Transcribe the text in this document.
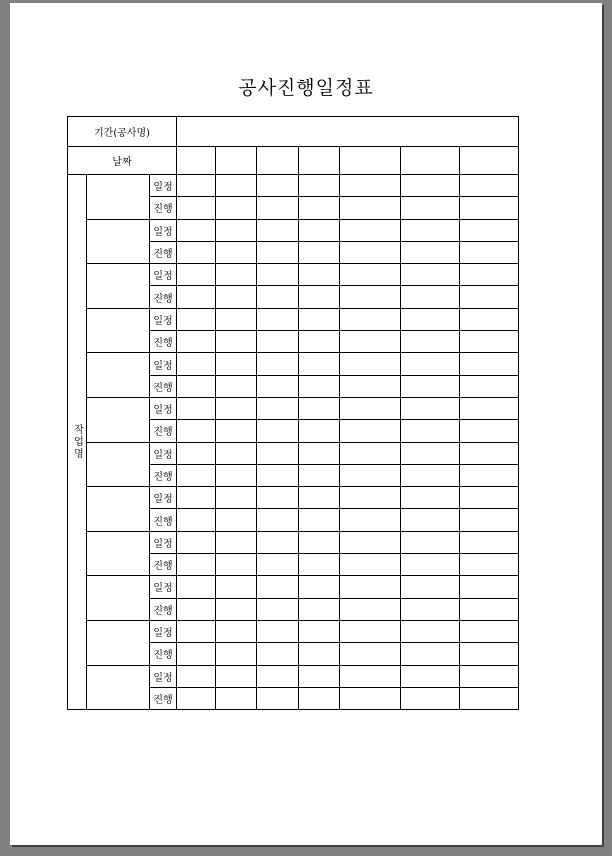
공사진행일정표
기간(공사명)									
날짜									
작업명		일정							
		진행							
		일정							
		진행							
		일정							
		진행							
		일정							
		진행							
		일정							
		진행							
		일정							
		진행							
		일정							
		진행							
		일정							
		진행							
		일정							
		진행							
		일정							
		진행							
		일정							
		진행							
		일정							
		진행							
